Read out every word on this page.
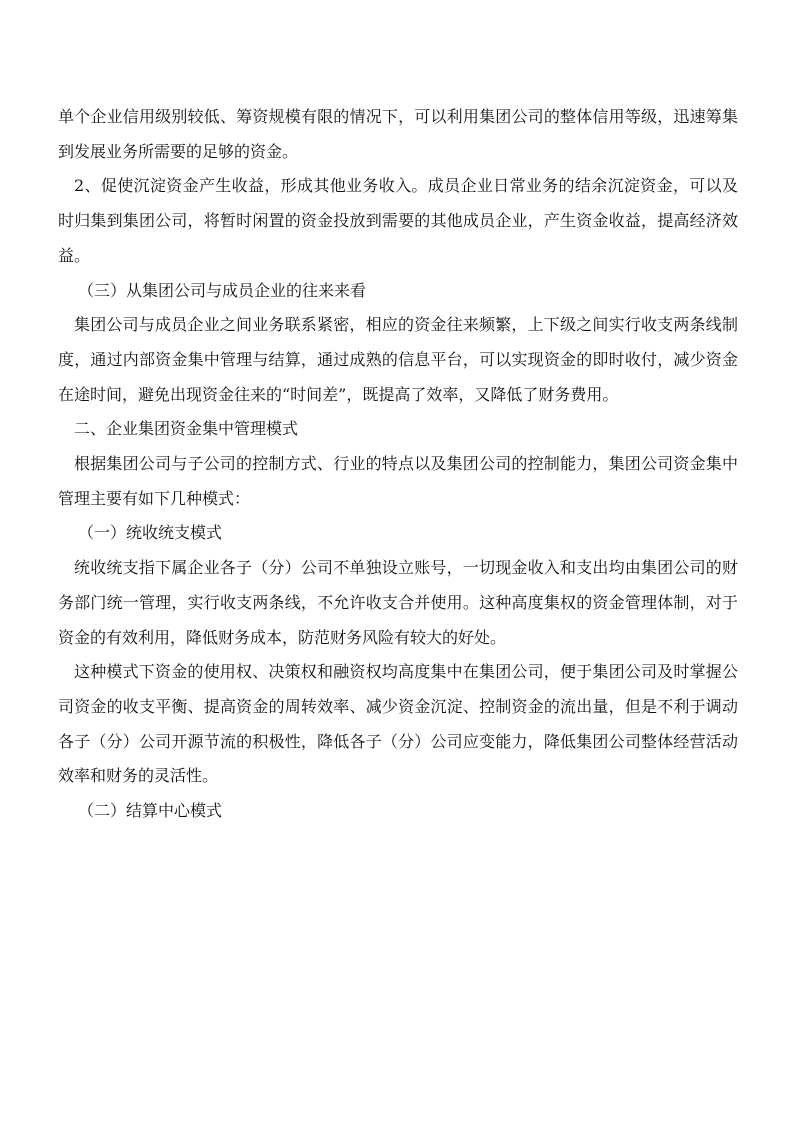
单个企业信用级别较低、筹资规模有限的情况下，可以利用集团公司的整体信用等级，迅速筹集到发展业务所需要的足够的资金。

2、促使沉淀资金产生收益，形成其他业务收入。成员企业日常业务的结余沉淀资金，可以及时归集到集团公司，将暂时闲置的资金投放到需要的其他成员企业，产生资金收益，提高经济效益。

（三）从集团公司与成员企业的往来来看

集团公司与成员企业之间业务联系紧密，相应的资金往来频繁，上下级之间实行收支两条线制度，通过内部资金集中管理与结算，通过成熟的信息平台，可以实现资金的即时收付，减少资金在途时间，避免出现资金往来的“时间差”，既提高了效率，又降低了财务费用。

二、企业集团资金集中管理模式

根据集团公司与子公司的控制方式、行业的特点以及集团公司的控制能力，集团公司资金集中管理主要有如下几种模式：

（一）统收统支模式

统收统支指下属企业各子（分）公司不单独设立账号，一切现金收入和支出均由集团公司的财务部门统一管理，实行收支两条线，不允许收支合并使用。这种高度集权的资金管理体制，对于资金的有效利用，降低财务成本，防范财务风险有较大的好处。

这种模式下资金的使用权、决策权和融资权均高度集中在集团公司，便于集团公司及时掌握公司资金的收支平衡、提高资金的周转效率、减少资金沉淀、控制资金的流出量，但是不利于调动各子（分）公司开源节流的积极性，降低各子（分）公司应变能力，降低集团公司整体经营活动效率和财务的灵活性。

（二）结算中心模式
